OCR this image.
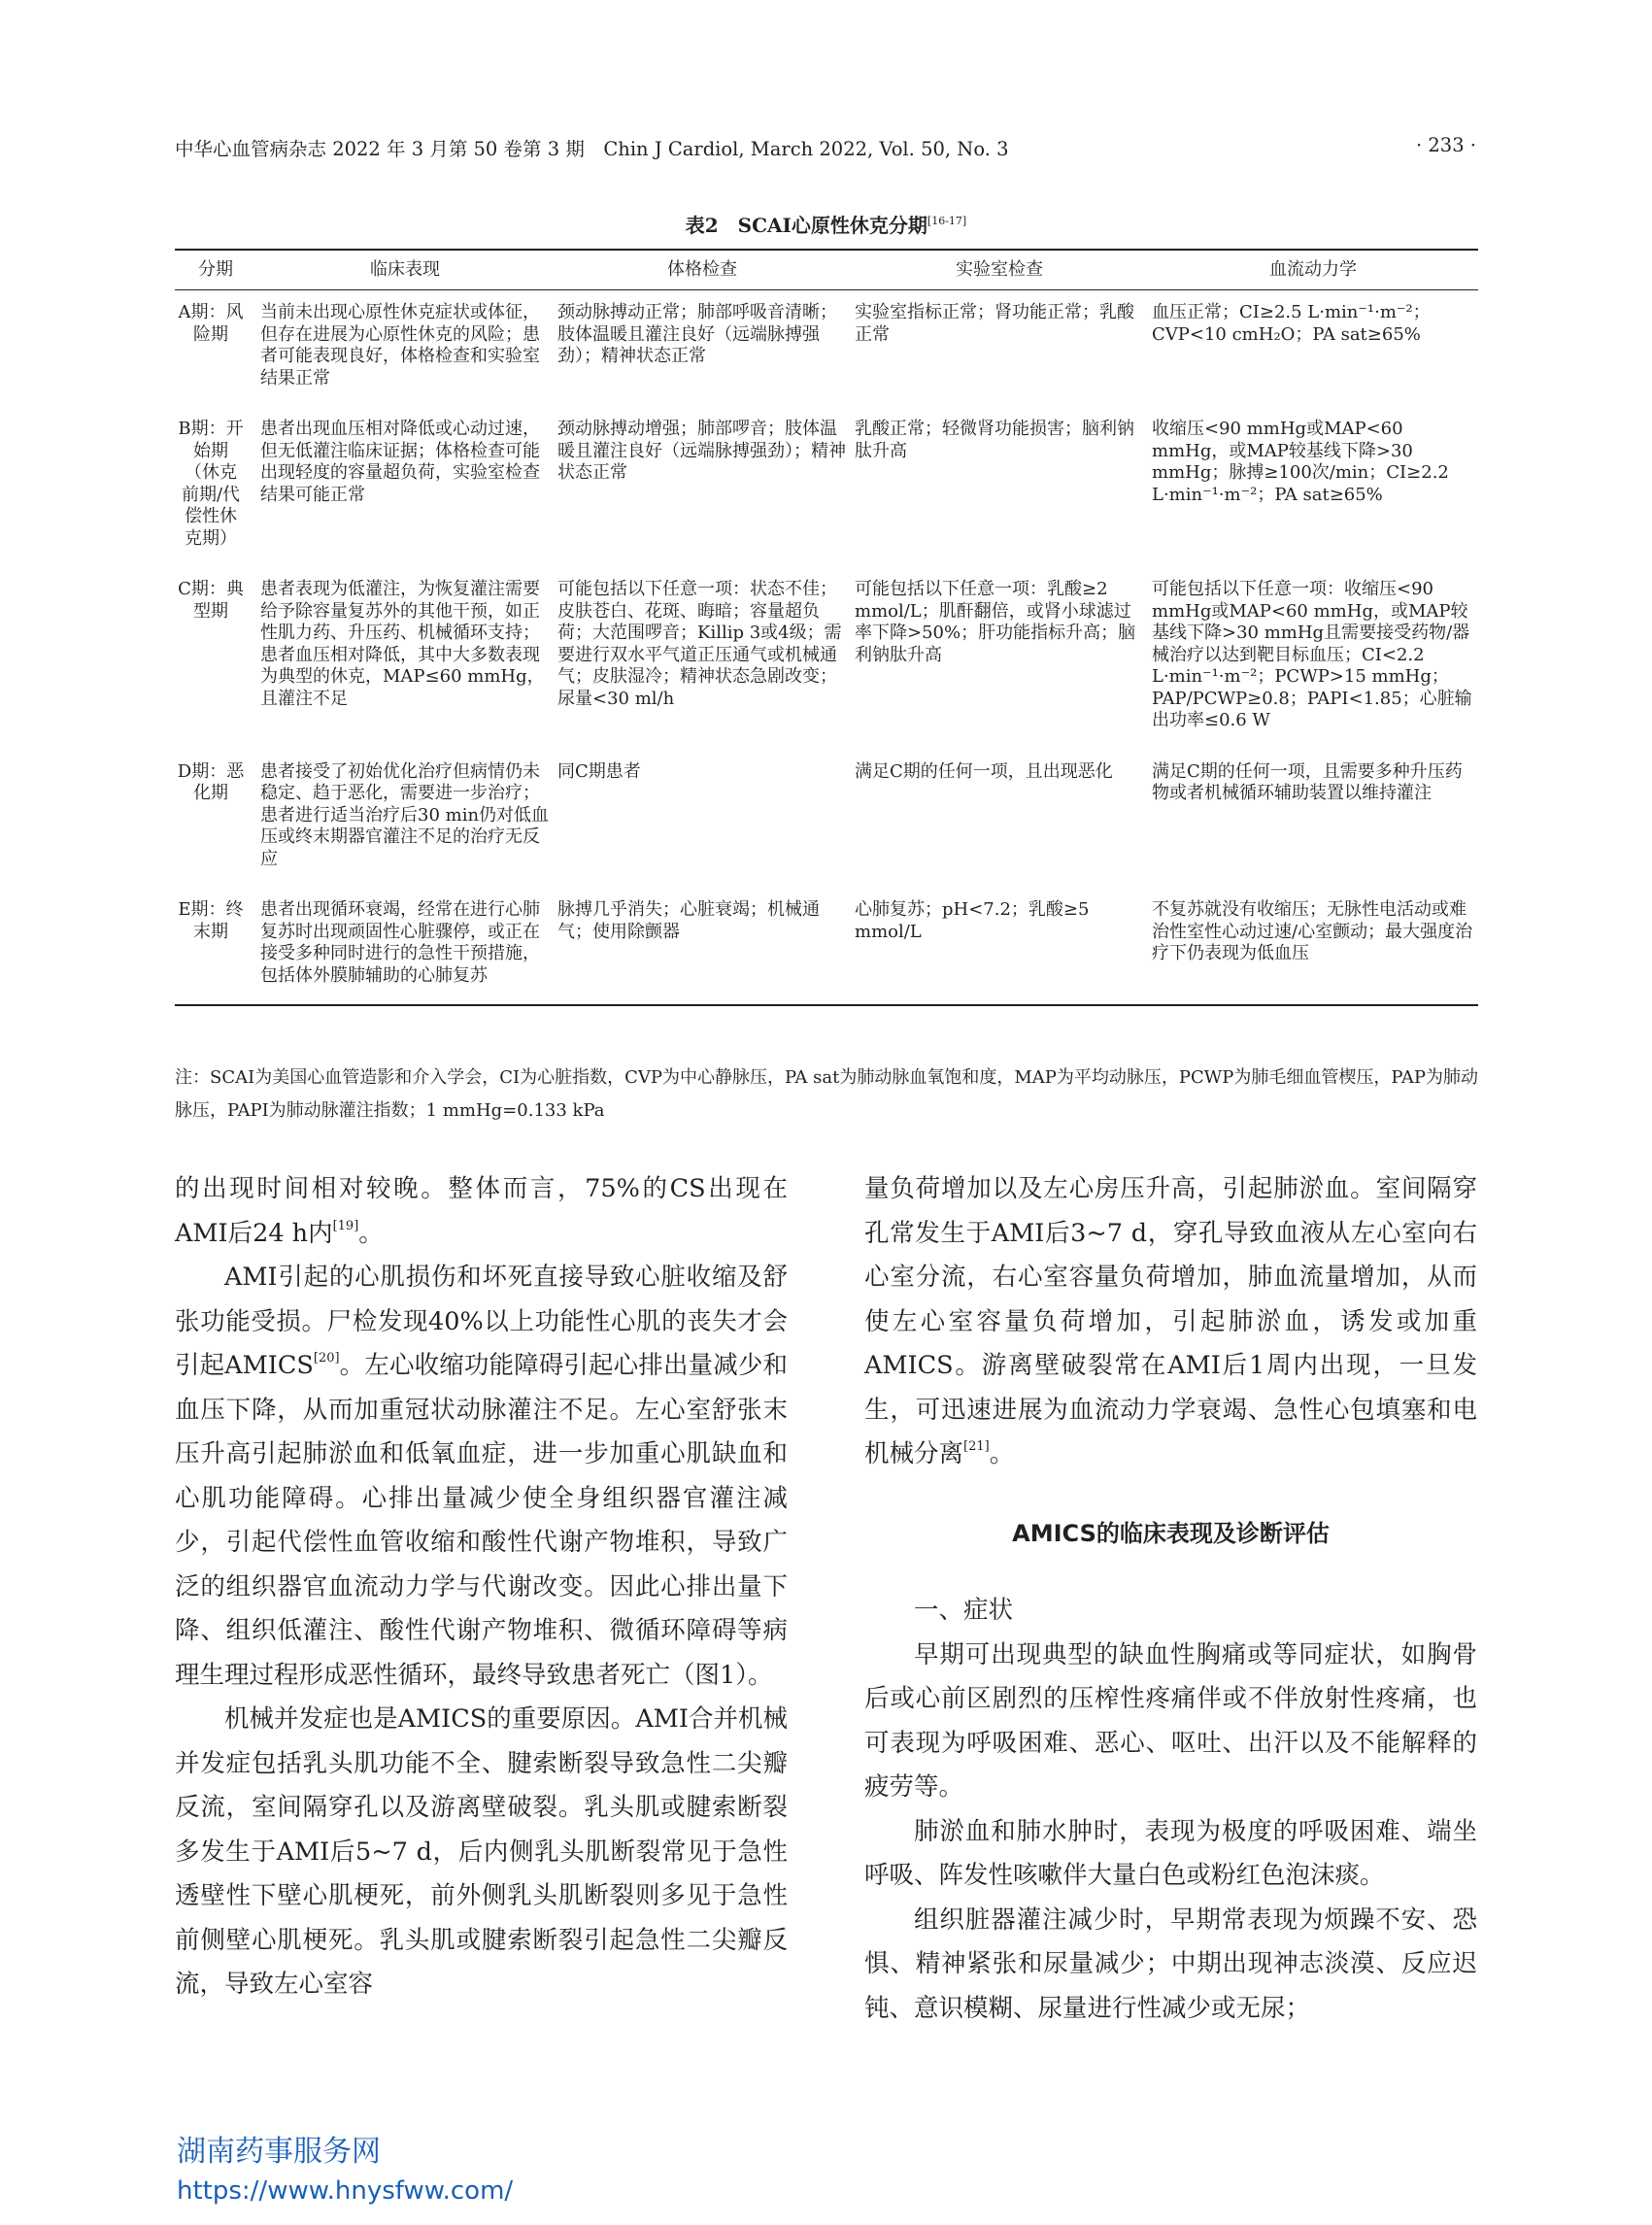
中华心血管病杂志 2022 年 3 月第 50 卷第 3 期　Chin J Cardiol, March 2022, Vol. 50, No. 3	· 233 ·
表2　SCAI心原性休克分期[16-17]
分期	临床表现	体格检查	实验室检查	血流动力学
A期：风险期	当前未出现心原性休克症状或体征，但存在进展为心原性休克的风险；患者可能表现良好，体格检查和实验室结果正常	颈动脉搏动正常；肺部呼吸音清晰；肢体温暖且灌注良好（远端脉搏强劲）；精神状态正常	实验室指标正常；肾功能正常；乳酸正常	血压正常；CI≥2.5 L·min⁻¹·m⁻²；CVP<10 cmH₂O；PA sat≥65%
B期：开始期（休克前期/代偿性休克期）	患者出现血压相对降低或心动过速，但无低灌注临床证据；体格检查可能出现轻度的容量超负荷，实验室检查结果可能正常	颈动脉搏动增强；肺部啰音；肢体温暖且灌注良好（远端脉搏强劲）；精神状态正常	乳酸正常；轻微肾功能损害；脑利钠肽升高	收缩压<90 mmHg或MAP<60 mmHg，或MAP较基线下降>30 mmHg；脉搏≥100次/min；CI≥2.2 L·min⁻¹·m⁻²；PA sat≥65%
C期：典型期	患者表现为低灌注，为恢复灌注需要给予除容量复苏外的其他干预，如正性肌力药、升压药、机械循环支持；患者血压相对降低，其中大多数表现为典型的休克，MAP≤60 mmHg，且灌注不足	可能包括以下任意一项：状态不佳；皮肤苍白、花斑、晦暗；容量超负荷；大范围啰音；Killip 3或4级；需要进行双水平气道正压通气或机械通气；皮肤湿冷；精神状态急剧改变；尿量<30 ml/h	可能包括以下任意一项：乳酸≥2 mmol/L；肌酐翻倍，或肾小球滤过率下降>50%；肝功能指标升高；脑利钠肽升高	可能包括以下任意一项：收缩压<90 mmHg或MAP<60 mmHg，或MAP较基线下降>30 mmHg且需要接受药物/器械治疗以达到靶目标血压；CI<2.2 L·min⁻¹·m⁻²；PCWP>15 mmHg；PAP/PCWP≥0.8；PAPI<1.85；心脏输出功率≤0.6 W
D期：恶化期	患者接受了初始优化治疗但病情仍未稳定、趋于恶化，需要进一步治疗；患者进行适当治疗后30 min仍对低血压或终末期器官灌注不足的治疗无反应	同C期患者	满足C期的任何一项，且出现恶化	满足C期的任何一项，且需要多种升压药物或者机械循环辅助装置以维持灌注
E期：终末期	患者出现循环衰竭，经常在进行心肺复苏时出现顽固性心脏骤停，或正在接受多种同时进行的急性干预措施，包括体外膜肺辅助的心肺复苏	脉搏几乎消失；心脏衰竭；机械通气；使用除颤器	心肺复苏；pH<7.2；乳酸≥5 mmol/L	不复苏就没有收缩压；无脉性电活动或难治性室性心动过速/心室颤动；最大强度治疗下仍表现为低血压
注：SCAI为美国心血管造影和介入学会，CI为心脏指数，CVP为中心静脉压，PA sat为肺动脉血氧饱和度，MAP为平均动脉压，PCWP为肺毛细血管楔压，PAP为肺动脉压，PAPI为肺动脉灌注指数；1 mmHg=0.133 kPa

的出现时间相对较晚。整体而言，75%的CS出现在AMI后24 h内[19]。

AMI引起的心肌损伤和坏死直接导致心脏收缩及舒张功能受损。尸检发现40%以上功能性心肌的丧失才会引起AMICS[20]。左心收缩功能障碍引起心排出量减少和血压下降，从而加重冠状动脉灌注不足。左心室舒张末压升高引起肺淤血和低氧血症，进一步加重心肌缺血和心肌功能障碍。心排出量减少使全身组织器官灌注减少，引起代偿性血管收缩和酸性代谢产物堆积，导致广泛的组织器官血流动力学与代谢改变。因此心排出量下降、组织低灌注、酸性代谢产物堆积、微循环障碍等病理生理过程形成恶性循环，最终导致患者死亡（图1）。

机械并发症也是AMICS的重要原因。AMI合并机械并发症包括乳头肌功能不全、腱索断裂导致急性二尖瓣反流，室间隔穿孔以及游离壁破裂。乳头肌或腱索断裂多发生于AMI后5~7 d，后内侧乳头肌断裂常见于急性透壁性下壁心肌梗死，前外侧乳头肌断裂则多见于急性前侧壁心肌梗死。乳头肌或腱索断裂引起急性二尖瓣反流，导致左心室容

量负荷增加以及左心房压升高，引起肺淤血。室间隔穿孔常发生于AMI后3~7 d，穿孔导致血液从左心室向右心室分流，右心室容量负荷增加，肺血流量增加，从而使左心室容量负荷增加，引起肺淤血，诱发或加重AMICS。游离壁破裂常在AMI后1周内出现，一旦发生，可迅速进展为血流动力学衰竭、急性心包填塞和电机械分离[21]。

AMICS的临床表现及诊断评估

一、症状

早期可出现典型的缺血性胸痛或等同症状，如胸骨后或心前区剧烈的压榨性疼痛伴或不伴放射性疼痛，也可表现为呼吸困难、恶心、呕吐、出汗以及不能解释的疲劳等。

肺淤血和肺水肿时，表现为极度的呼吸困难、端坐呼吸、阵发性咳嗽伴大量白色或粉红色泡沫痰。

组织脏器灌注减少时，早期常表现为烦躁不安、恐惧、精神紧张和尿量减少；中期出现神志淡漠、反应迟钝、意识模糊、尿量进行性减少或无尿；

湖南药事服务网
https://www.hnysfww.com/
